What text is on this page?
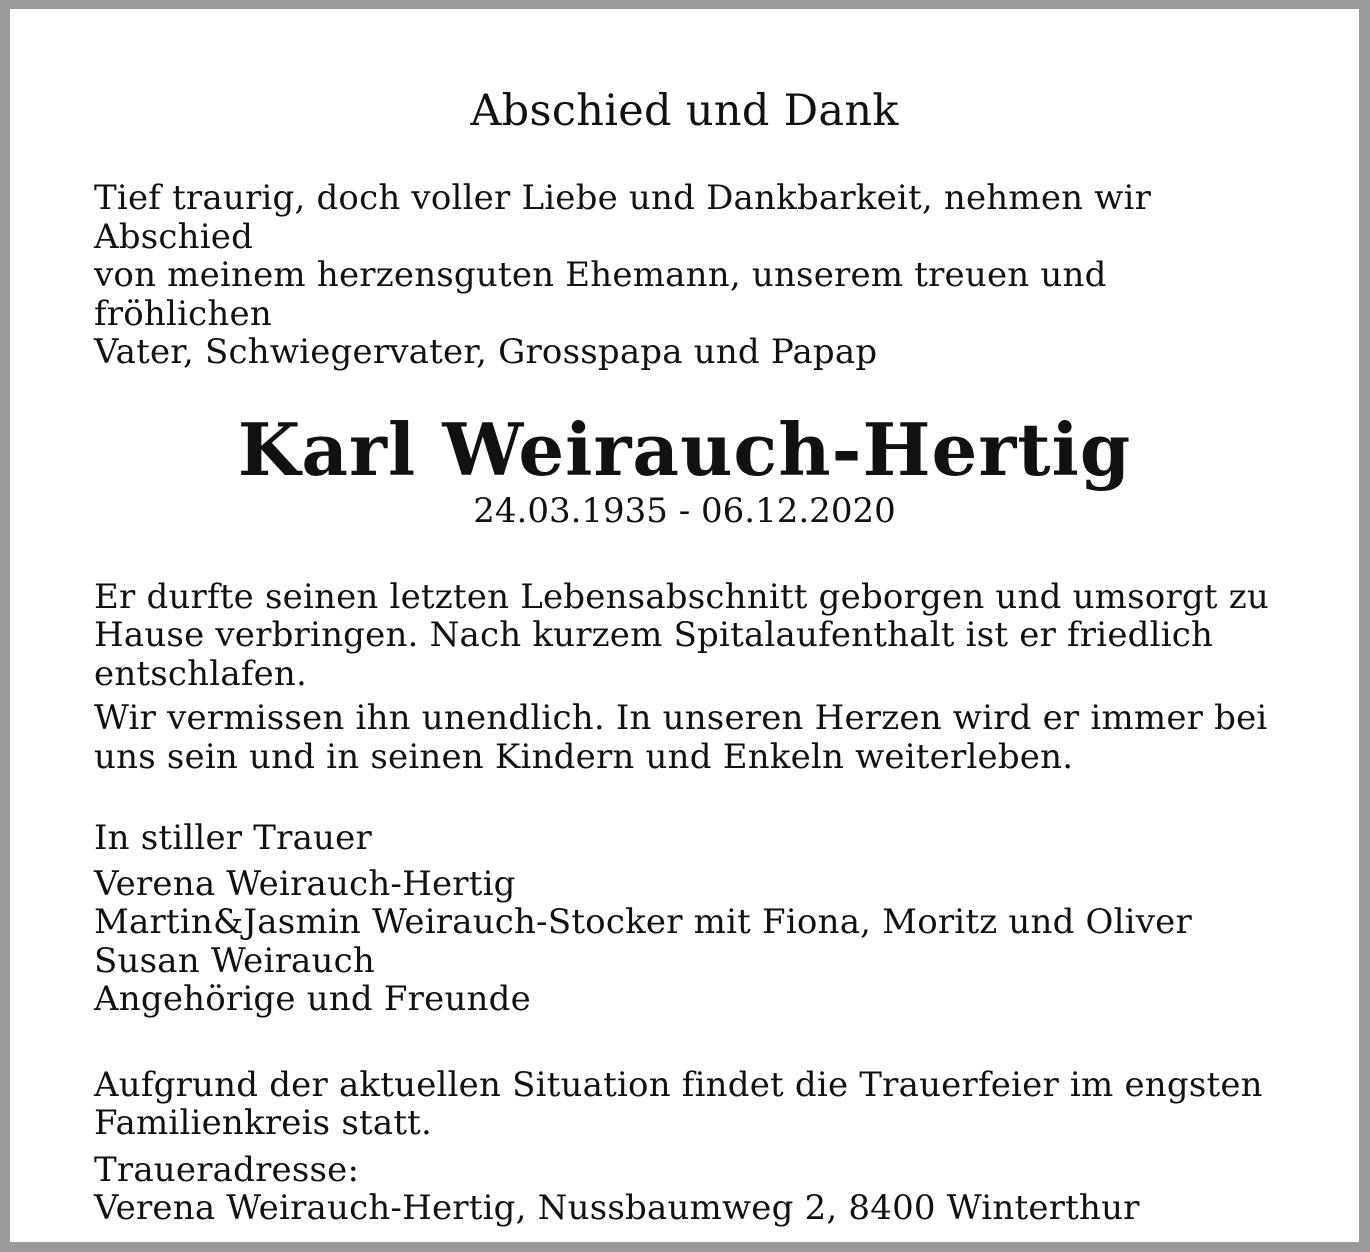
Abschied und Dank

Tief traurig, doch voller Liebe und Dankbarkeit, nehmen wir Abschied
von meinem herzensguten Ehemann, unserem treuen und fröhlichen
Vater, Schwiegervater, Grosspapa und Papap

Karl Weirauch-Hertig

24.03.1935 - 06.12.2020

Er durfte seinen letzten Lebensabschnitt geborgen und umsorgt zu
Hause verbringen. Nach kurzem Spitalaufenthalt ist er friedlich
entschlafen.

Wir vermissen ihn unendlich. In unseren Herzen wird er immer bei
uns sein und in seinen Kindern und Enkeln weiterleben.

In stiller Trauer

Verena Weirauch-Hertig
Martin&Jasmin Weirauch-Stocker mit Fiona, Moritz und Oliver
Susan Weirauch
Angehörige und Freunde

Aufgrund der aktuellen Situation findet die Trauerfeier im engsten
Familienkreis statt.

Traueradresse:
Verena Weirauch-Hertig, Nussbaumweg 2, 8400 Winterthur
